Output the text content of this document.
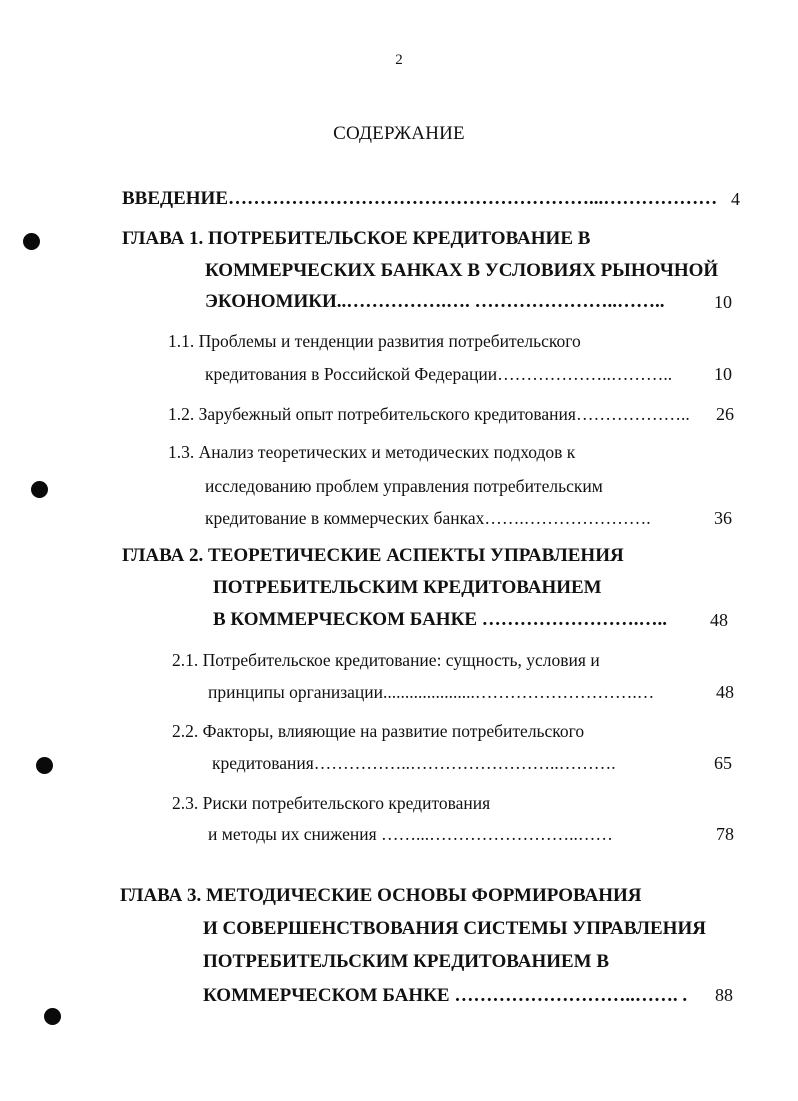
2
СОДЕРЖАНИЕ
ВВЕДЕНИЕ…………………………………………………...……………… 4
ГЛАВА 1. ПОТРЕБИТЕЛЬСКОЕ КРЕДИТОВАНИЕ В
КОММЕРЧЕСКИХ БАНКАХ В УСЛОВИЯХ РЫНОЧНОЙ
ЭКОНОМИКИ..…………….…. …………………..……..	10
1.1. Проблемы и тенденции развития потребительского
кредитования в Российской Федерации………………..………..	10
1.2. Зарубежный опыт потребительского кредитования………………..	26
1.3. Анализ теоретических и методических подходов к
исследованию проблем управления потребительским
кредитование в коммерческих банках…….………………….	36
ГЛАВА 2. ТЕОРЕТИЧЕСКИЕ АСПЕКТЫ УПРАВЛЕНИЯ
ПОТРЕБИТЕЛЬСКИМ КРЕДИТОВАНИЕМ
В КОММЕРЧЕСКОМ БАНКЕ …………………….…..	48
2.1. Потребительское кредитование: сущность, условия и
принципы организации.....................……………………….…	48
2.2. Факторы, влияющие на развитие потребительского
кредитования……………..……………………..……….	65
2.3. Риски потребительского кредитования
и методы их снижения ……...……………………..……	78
ГЛАВА 3. МЕТОДИЧЕСКИЕ ОСНОВЫ ФОРМИРОВАНИЯ
И СОВЕРШЕНСТВОВАНИЯ СИСТЕМЫ УПРАВЛЕНИЯ
ПОТРЕБИТЕЛЬСКИМ КРЕДИТОВАНИЕМ В
КОММЕРЧЕСКОМ БАНКЕ ………………………..……. .	88
